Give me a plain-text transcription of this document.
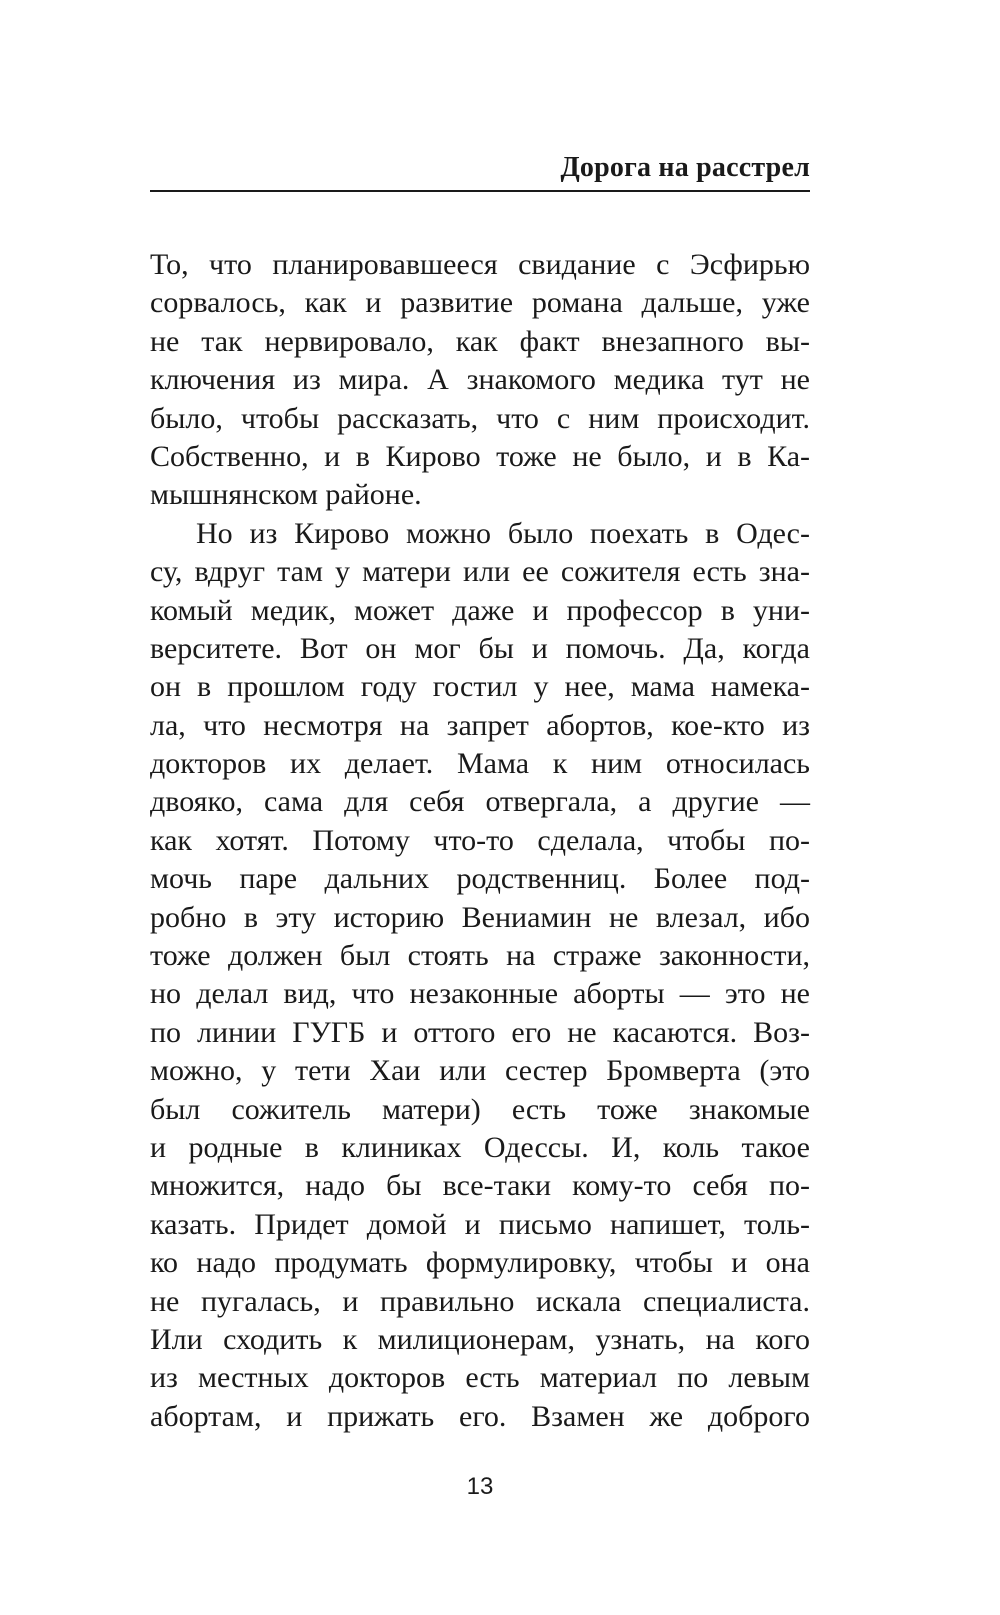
Дорога на расстрел
То, что планировавшееся свидание с Эсфирью
сорвалось, как и развитие романа дальше, уже
не так нервировало, как факт внезапного вы-
ключения из мира. А знакомого медика тут не
было, чтобы рассказать, что с ним происходит.
Собственно, и в Кирово тоже не было, и в Ка-
мышнянском районе.
Но из Кирово можно было поехать в Одес-
су, вдруг там у матери или ее сожителя есть зна-
комый медик, может даже и профессор в уни-
верситете. Вот он мог бы и помочь. Да, когда
он в прошлом году гостил у нее, мама намека-
ла, что несмотря на запрет абортов, кое-кто из
докторов их делает. Мама к ним относилась
двояко, сама для себя отвергала, а другие —
как хотят. Потому что-то сделала, чтобы по-
мочь паре дальних родственниц. Более под-
робно в эту историю Вениамин не влезал, ибо
тоже должен был стоять на страже законности,
но делал вид, что незаконные аборты — это не
по линии ГУГБ и оттого его не касаются. Воз-
можно, у тети Хаи или сестер Бромверта (это
был сожитель матери) есть тоже знакомые
и родные в клиниках Одессы. И, коль такое
множится, надо бы все-таки кому-то себя по-
казать. Придет домой и письмо напишет, толь-
ко надо продумать формулировку, чтобы и она
не пугалась, и правильно искала специалиста.
Или сходить к милиционерам, узнать, на кого
из местных докторов есть материал по левым
абортам, и прижать его. Взамен же доброго
13
